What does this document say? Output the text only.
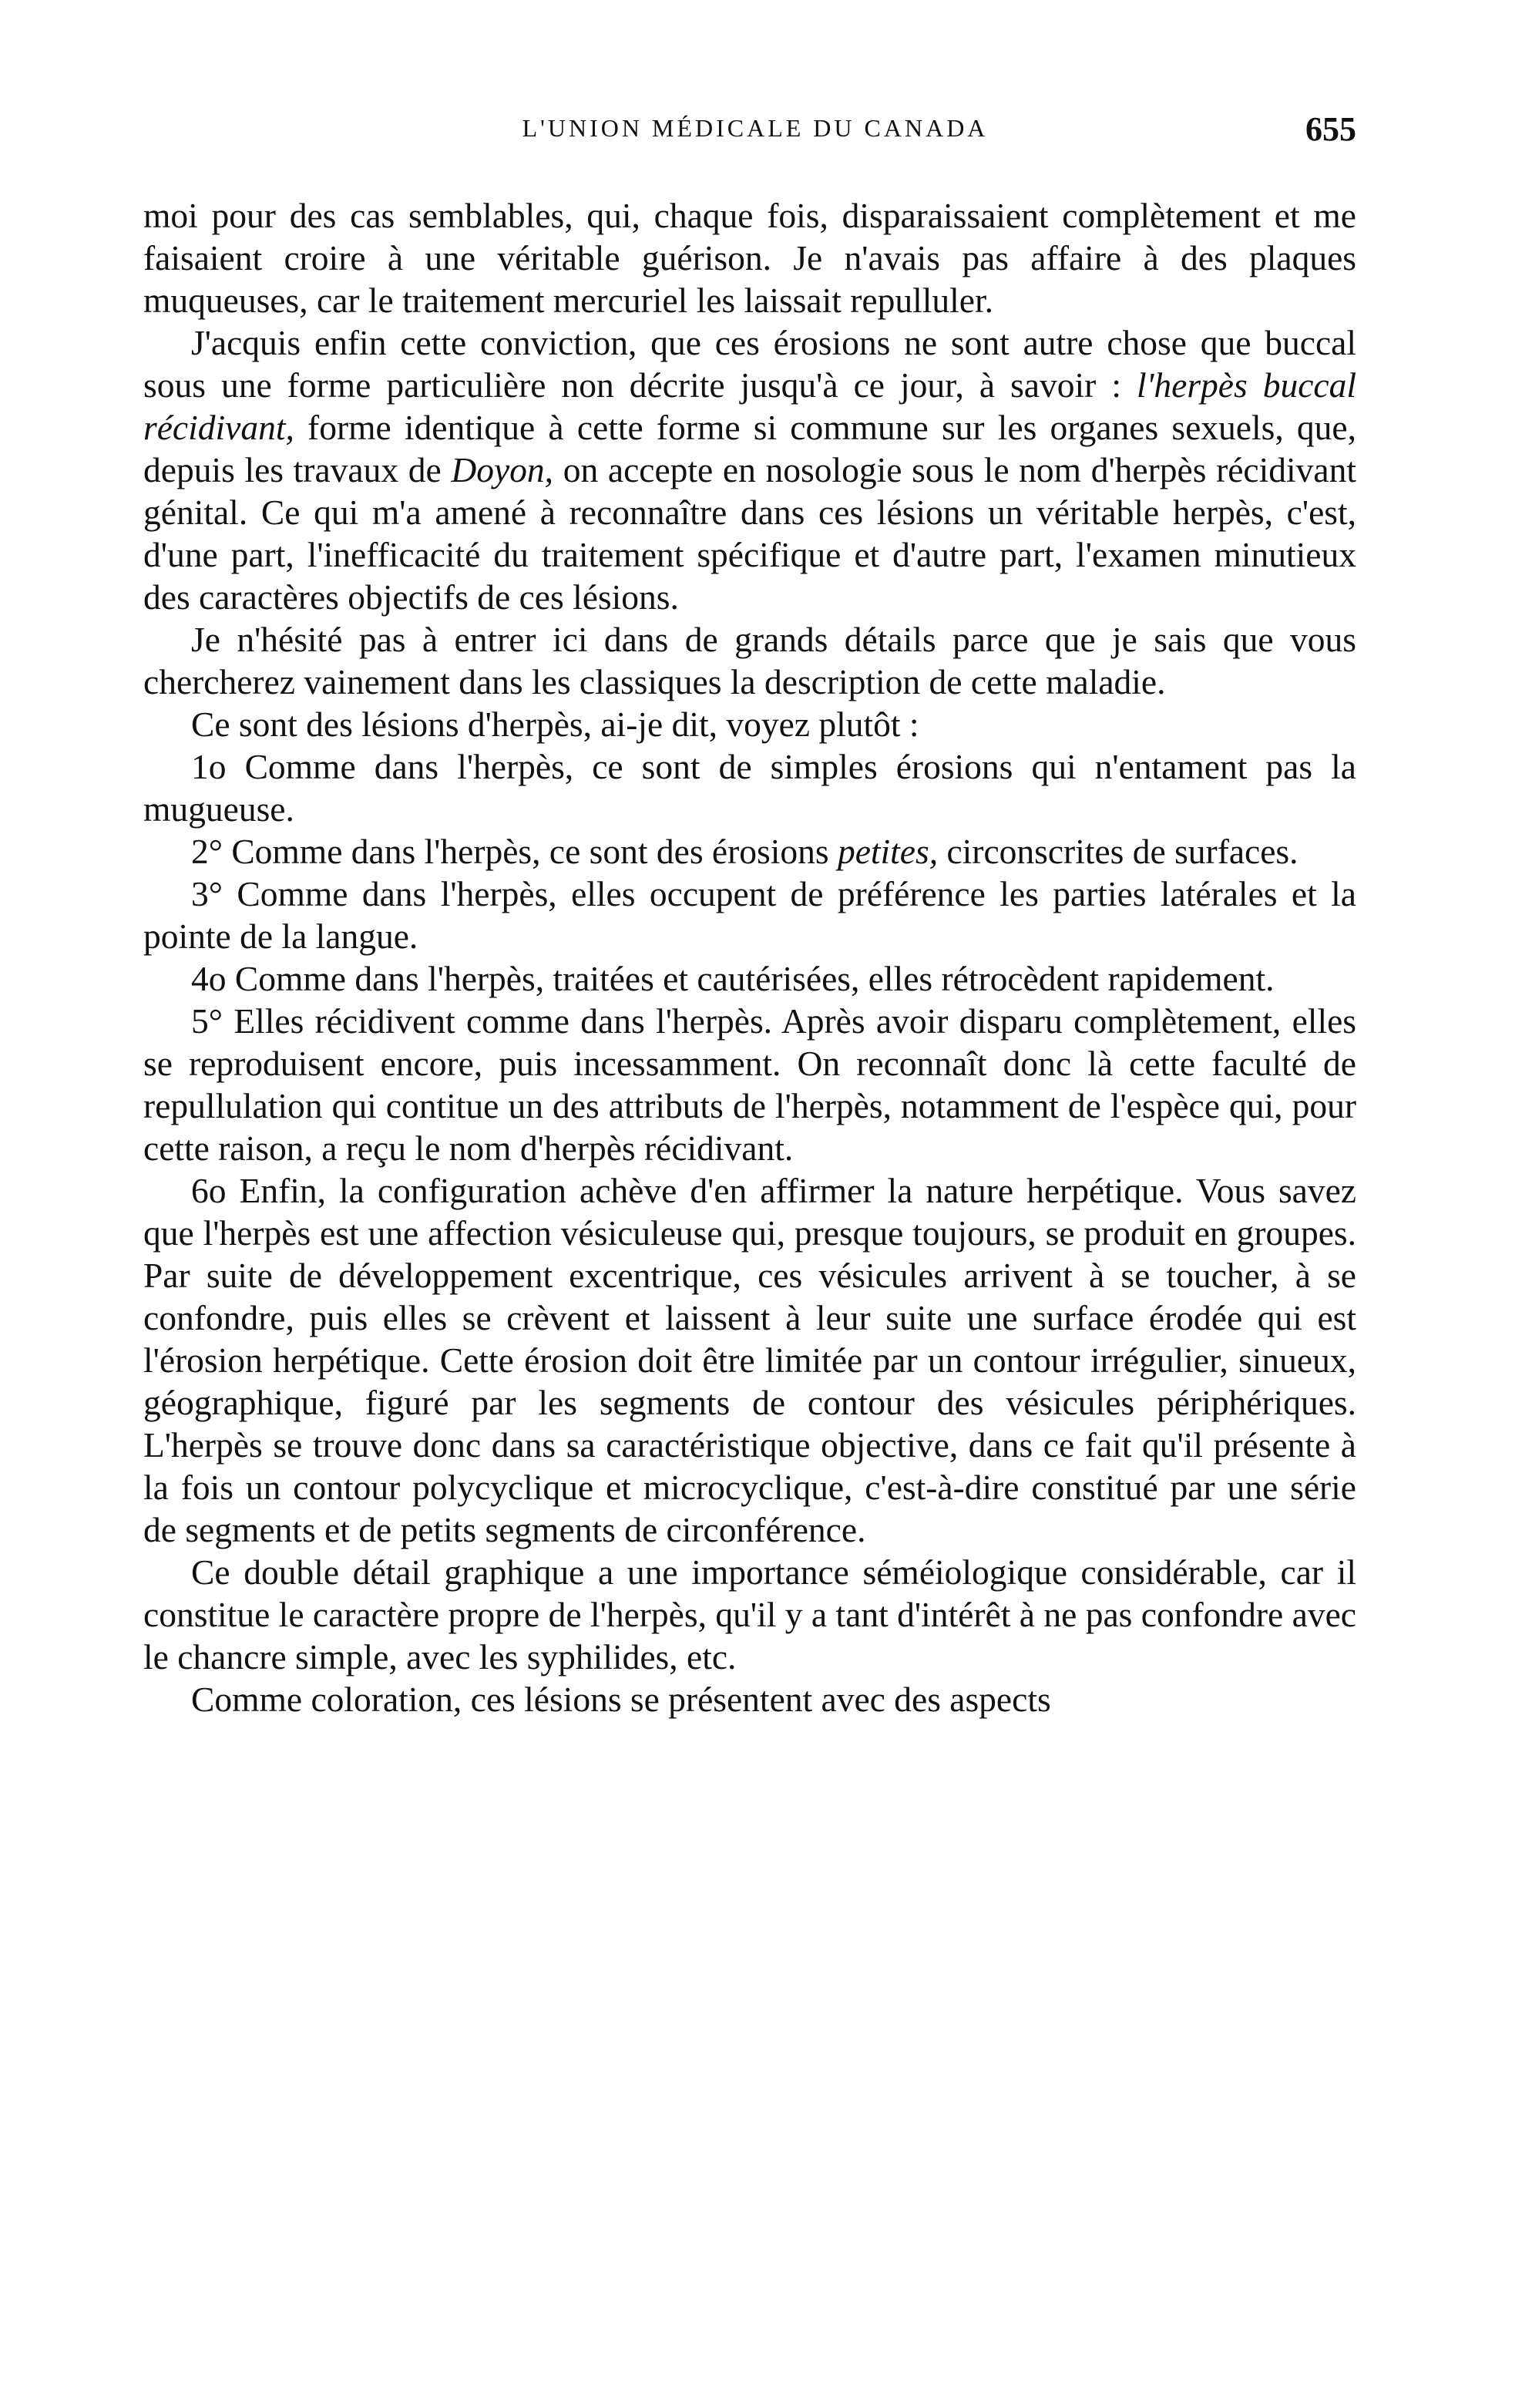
L'UNION MÉDICALE DU CANADA	655

moi pour des cas semblables, qui, chaque fois, disparaissaient complètement et me faisaient croire à une véritable guérison. Je n'avais pas affaire à des plaques muqueuses, car le traitement mercuriel les laissait repulluler.

J'acquis enfin cette conviction, que ces érosions ne sont autre chose que buccal sous une forme particulière non décrite jusqu'à ce jour, à savoir : l'herpès buccal récidivant, forme identique à cette forme si commune sur les organes sexuels, que, depuis les travaux de Doyon, on accepte en nosologie sous le nom d'herpès récidivant génital. Ce qui m'a amené à reconnaître dans ces lésions un véritable herpès, c'est, d'une part, l'inefficacité du traitement spécifique et d'autre part, l'examen minutieux des caractères objectifs de ces lésions.

Je n'hésité pas à entrer ici dans de grands détails parce que je sais que vous chercherez vainement dans les classiques la description de cette maladie.

Ce sont des lésions d'herpès, ai-je dit, voyez plutôt :

1o Comme dans l'herpès, ce sont de simples érosions qui n'entament pas la mugueuse.

2° Comme dans l'herpès, ce sont des érosions petites, circonscrites de surfaces.

3° Comme dans l'herpès, elles occupent de préférence les parties latérales et la pointe de la langue.

4o Comme dans l'herpès, traitées et cautérisées, elles rétrocèdent rapidement.

5° Elles récidivent comme dans l'herpès. Après avoir disparu complètement, elles se reproduisent encore, puis incessamment. On reconnaît donc là cette faculté de repullulation qui contitue un des attributs de l'herpès, notamment de l'espèce qui, pour cette raison, a reçu le nom d'herpès récidivant.

6o Enfin, la configuration achève d'en affirmer la nature herpétique. Vous savez que l'herpès est une affection vésiculeuse qui, presque toujours, se produit en groupes. Par suite de développement excentrique, ces vésicules arrivent à se toucher, à se confondre, puis elles se crèvent et laissent à leur suite une surface érodée qui est l'érosion herpétique. Cette érosion doit être limitée par un contour irrégulier, sinueux, géographique, figuré par les segments de contour des vésicules périphériques. L'herpès se trouve donc dans sa caractéristique objective, dans ce fait qu'il présente à la fois un contour polycyclique et microcyclique, c'est-à-dire constitué par une série de segments et de petits segments de circonférence.

Ce double détail graphique a une importance séméiologique considérable, car il constitue le caractère propre de l'herpès, qu'il y a tant d'intérêt à ne pas confondre avec le chancre simple, avec les syphilides, etc.

Comme coloration, ces lésions se présentent avec des aspects
